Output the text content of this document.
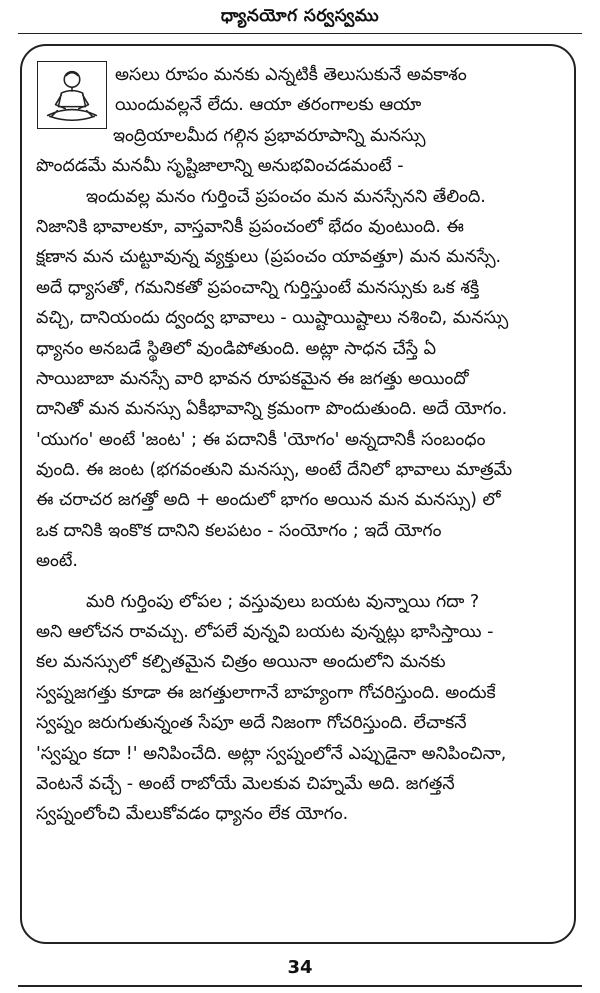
ధ్యానయోగ సర్వస్వము
అసలు రూపం మనకు ఎన్నటికీ తెలుసుకునే అవకాశం
యిందువల్లనే లేదు. ఆయా తరంగాలకు ఆయా
ఇంద్రియాలమీద గల్గిన ప్రభావరూపాన్ని మనస్సు
పొందడమే మనమీ సృష్టిజాలాన్ని అనుభవించడమంటే -
ఇందువల్ల మనం గుర్తించే ప్రపంచం మన మనస్సేనని తేలింది.
నిజానికి భావాలకూ, వాస్తవానికీ ప్రపంచంలో భేదం వుంటుంది. ఈ
క్షణాన మన చుట్టూవున్న వ్యక్తులు (ప్రపంచం యావత్తూ) మన మనస్సే.
అదే ధ్యాసతో, గమనికతో ప్రపంచాన్ని గుర్తిస్తుంటే మనస్సుకు ఒక శక్తి
వచ్చి, దానియందు ద్వంద్వ భావాలు - యిష్టాయిష్టాలు నశించి, మనస్సు
ధ్యానం అనబడే స్థితిలో వుండిపోతుంది. అట్లా సాధన చేస్తే ఏ
సాయిబాబా మనస్సే వారి భావన రూపకమైన ఈ జగత్తు అయిందో
దానితో మన మనస్సు ఏకీభావాన్ని క్రమంగా పొందుతుంది. అదే యోగం.
'యుగం' అంటే 'జంట' ; ఈ పదానికీ 'యోగం' అన్నదానికీ సంబంధం
వుంది. ఈ జంట (భగవంతుని మనస్సు, అంటే దేనిలో భావాలు మాత్రమే
ఈ చరాచర జగత్తో అది + అందులో భాగం అయిన మన మనస్సు) లో
ఒక దానికి ఇంకొక దానిని కలపటం - సంయోగం ; ఇదే యోగం
అంటే.
మరి గుర్తింపు లోపల ; వస్తువులు బయట వున్నాయి గదా ?
అని ఆలోచన రావచ్చు. లోపలే వున్నవి బయట వున్నట్లు భాసిస్తాయి -
కల మనస్సులో కల్పితమైన చిత్రం అయినా అందులోని మనకు
స్వప్నజగత్తు కూడా ఈ జగత్తులాగానే బాహ్యంగా గోచరిస్తుంది. అందుకే
స్వప్నం జరుగుతున్నంత సేపూ అదే నిజంగా గోచరిస్తుంది. లేచాకనే
'స్వప్నం కదా !' అనిపించేది. అట్లా స్వప్నంలోనే ఎప్పుడైనా అనిపించినా,
వెంటనే వచ్చే - అంటే రాబోయే మెలకువ చిహ్నమే అది. జగత్తనే
స్వప్నంలోంచి మేలుకోవడం ధ్యానం లేక యోగం.
34
